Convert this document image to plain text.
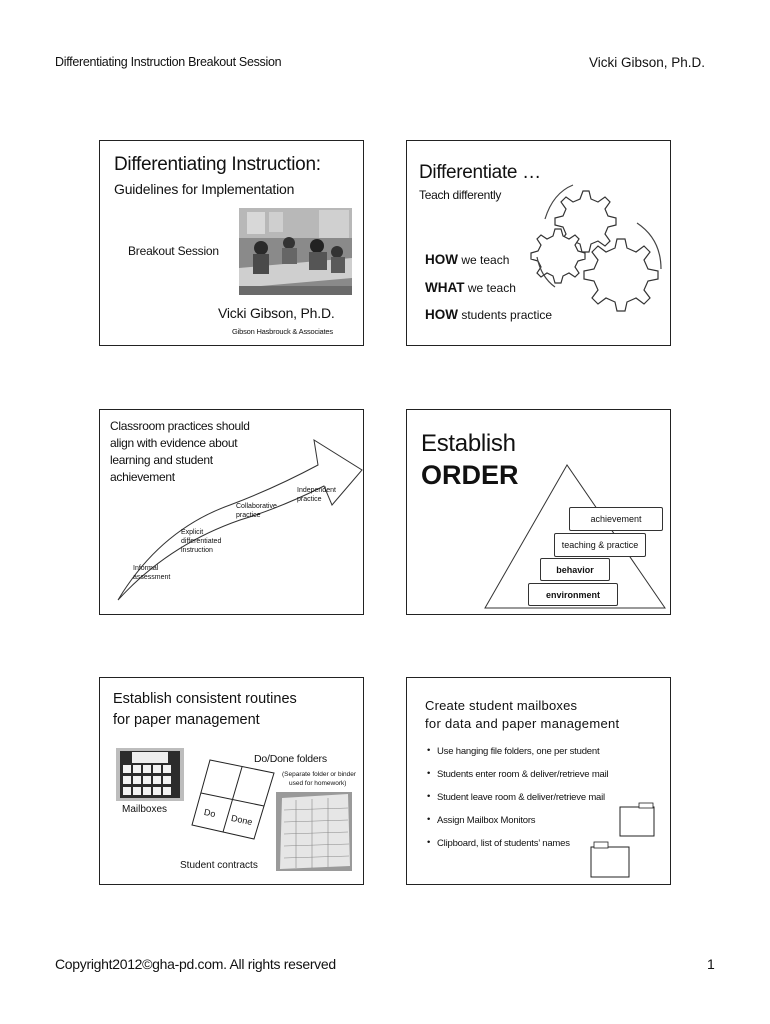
Differentiating Instruction Breakout Session	Vicki Gibson, Ph.D.
Differentiating Instruction:
Guidelines for Implementation
Breakout Session
Vicki Gibson, Ph.D.
Gibson Hasbrouck & Associates
Differentiate …
Teach differently
HOW we teach
WHAT we teach
HOW students practice
Classroom practices should align with evidence about learning and student achievement
Informal assessment
Explicit differentiated instruction
Collaborative practice
Independent practice
Establish
ORDER
achievement
teaching & practice
behavior
environment
Establish consistent routines
for paper management
Mailboxes
Do/Done folders
(Separate folder or binder
used for homework)
Do Done
Student contracts
Create student mailboxes
for data and paper management
• Use hanging file folders, one per student
• Students enter room & deliver/retrieve mail
• Student leave room & deliver/retrieve mail
• Assign Mailbox Monitors
• Clipboard, list of students’ names
Copyright2012©gha-pd.com. All rights reserved	1
